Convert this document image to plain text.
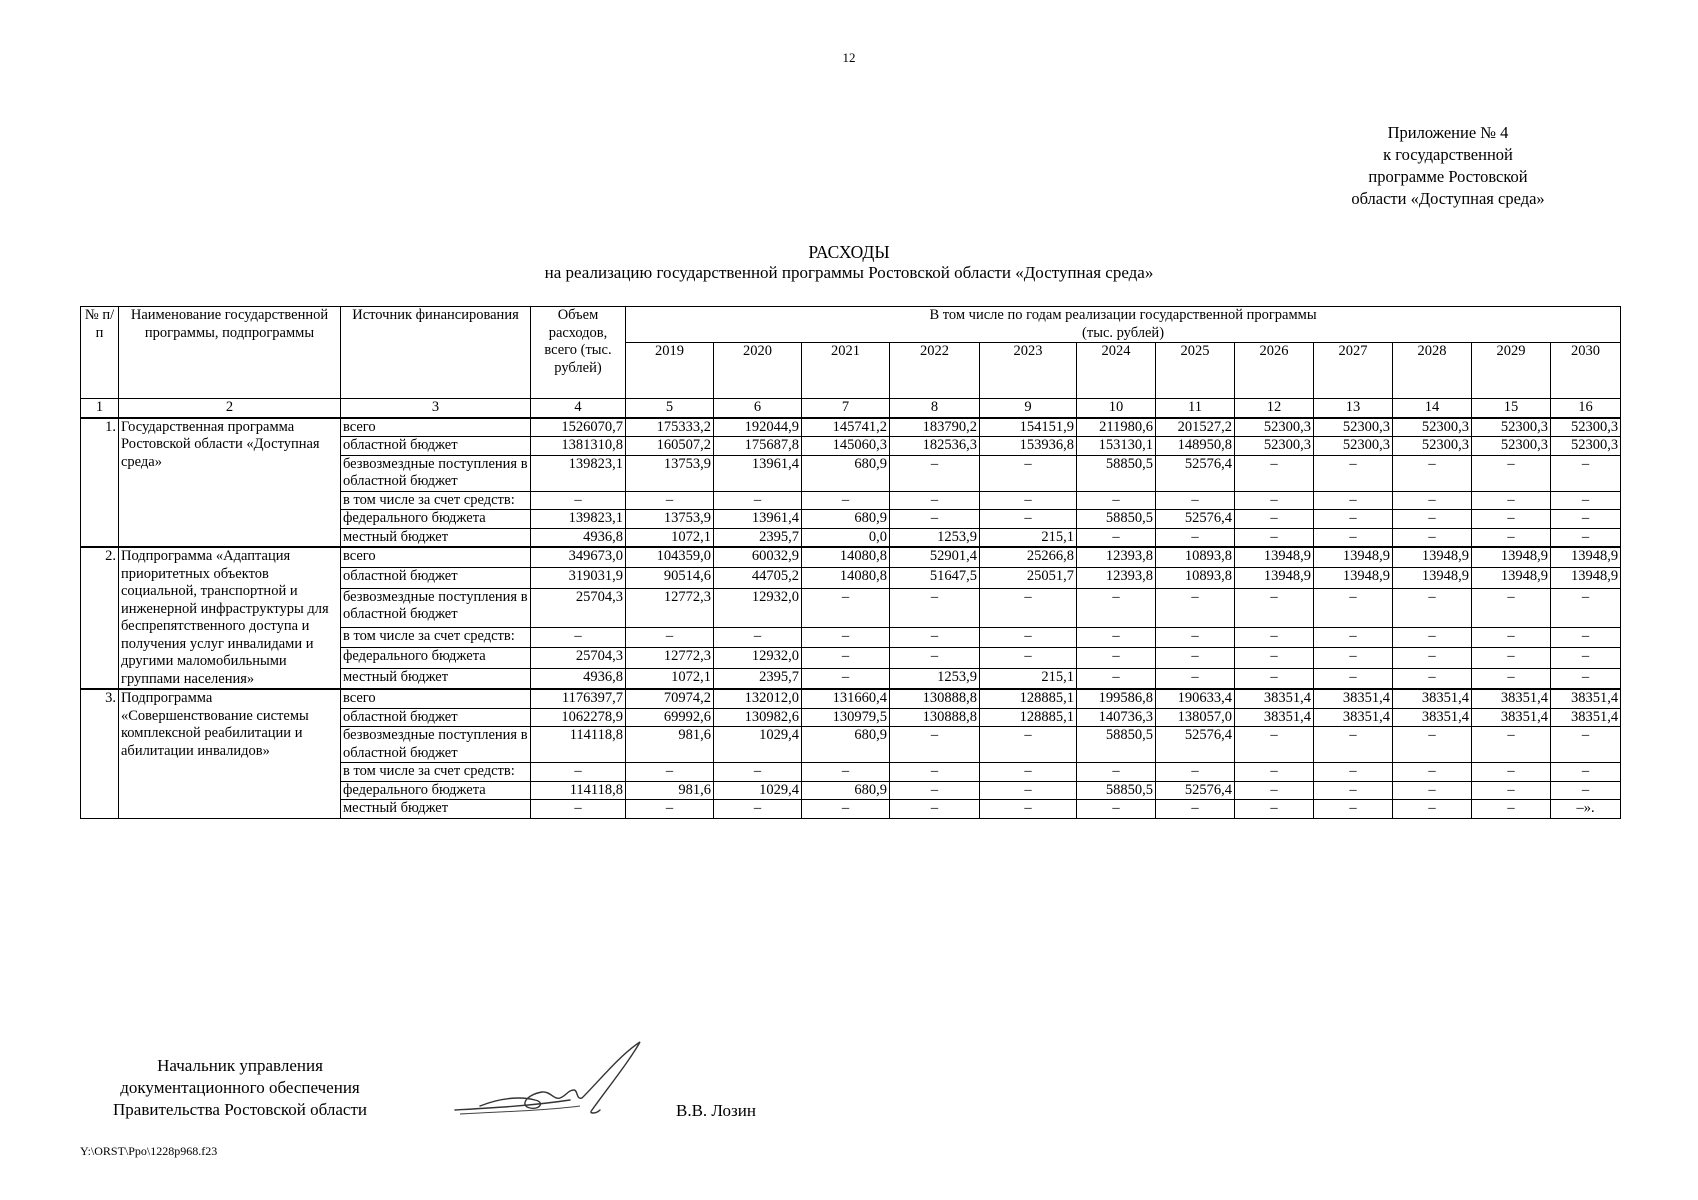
12
Приложение № 4
к государственной
программе Ростовской
области «Доступная среда»
РАСХОДЫ
на реализацию государственной программы Ростовской области «Доступная среда»
№ п/п	Наименование государственной программы, подпрограммы	Источник финансирования	Объем расходов, всего (тыс. рублей)	В том числе по годам реализации государственной программы
(тыс. рублей)											

				2019	2020	2021	2022	2023	2024	2025	2026	2027	2028	2029	2030
1	2	3	4	5	6	7	8	9	10	11	12	13	14	15	16
1.	Государственная программа Ростовской области «Доступная среда»	всего	1526070,7	175333,2	192044,9	145741,2	183790,2	154151,9	211980,6	201527,2	52300,3	52300,3	52300,3	52300,3	52300,3
		областной бюджет	1381310,8	160507,2	175687,8	145060,3	182536,3	153936,8	153130,1	148950,8	52300,3	52300,3	52300,3	52300,3	52300,3
		безвозмездные поступления в областной бюджет	139823,1	13753,9	13961,4	680,9	–	–	58850,5	52576,4	–	–	–	–	–
		в том числе за счет средств:	–	–	–	–	–	–	–	–	–	–	–	–	–
		федерального бюджета	139823,1	13753,9	13961,4	680,9	–	–	58850,5	52576,4	–	–	–	–	–
		местный бюджет	4936,8	1072,1	2395,7	0,0	1253,9	215,1	–	–	–	–	–	–	–
2.	Подпрограмма «Адаптация приоритетных объектов социальной, транспортной и инженерной инфраструктуры для беспрепятственного доступа и получения услуг инвалидами и другими маломобильными группами населения»	всего	349673,0	104359,0	60032,9	14080,8	52901,4	25266,8	12393,8	10893,8	13948,9	13948,9	13948,9	13948,9	13948,9
		областной бюджет	319031,9	90514,6	44705,2	14080,8	51647,5	25051,7	12393,8	10893,8	13948,9	13948,9	13948,9	13948,9	13948,9
		безвозмездные поступления в областной бюджет	25704,3	12772,3	12932,0	–	–	–	–	–	–	–	–	–	–
		в том числе за счет средств:	–	–	–	–	–	–	–	–	–	–	–	–	–
		федерального бюджета	25704,3	12772,3	12932,0	–	–	–	–	–	–	–	–	–	–
		местный бюджет	4936,8	1072,1	2395,7	–	1253,9	215,1	–	–	–	–	–	–	–
3.	Подпрограмма «Совершенствование системы комплексной реабилитации и абилитации инвалидов»	всего	1176397,7	70974,2	132012,0	131660,4	130888,8	128885,1	199586,8	190633,4	38351,4	38351,4	38351,4	38351,4	38351,4
		областной бюджет	1062278,9	69992,6	130982,6	130979,5	130888,8	128885,1	140736,3	138057,0	38351,4	38351,4	38351,4	38351,4	38351,4
		безвозмездные поступления в областной бюджет	114118,8	981,6	1029,4	680,9	–	–	58850,5	52576,4	–	–	–	–	–
		в том числе за счет средств:	–	–	–	–	–	–	–	–	–	–	–	–	–
		федерального бюджета	114118,8	981,6	1029,4	680,9	–	–	58850,5	52576,4	–	–	–	–	–
		местный бюджет	–	–	–	–	–	–	–	–	–	–	–	–	–».
Начальник управления
документационного обеспечения
Правительства Ростовской области	В.В. Лозин
Y:\ORST\Ppo\1228p968.f23
